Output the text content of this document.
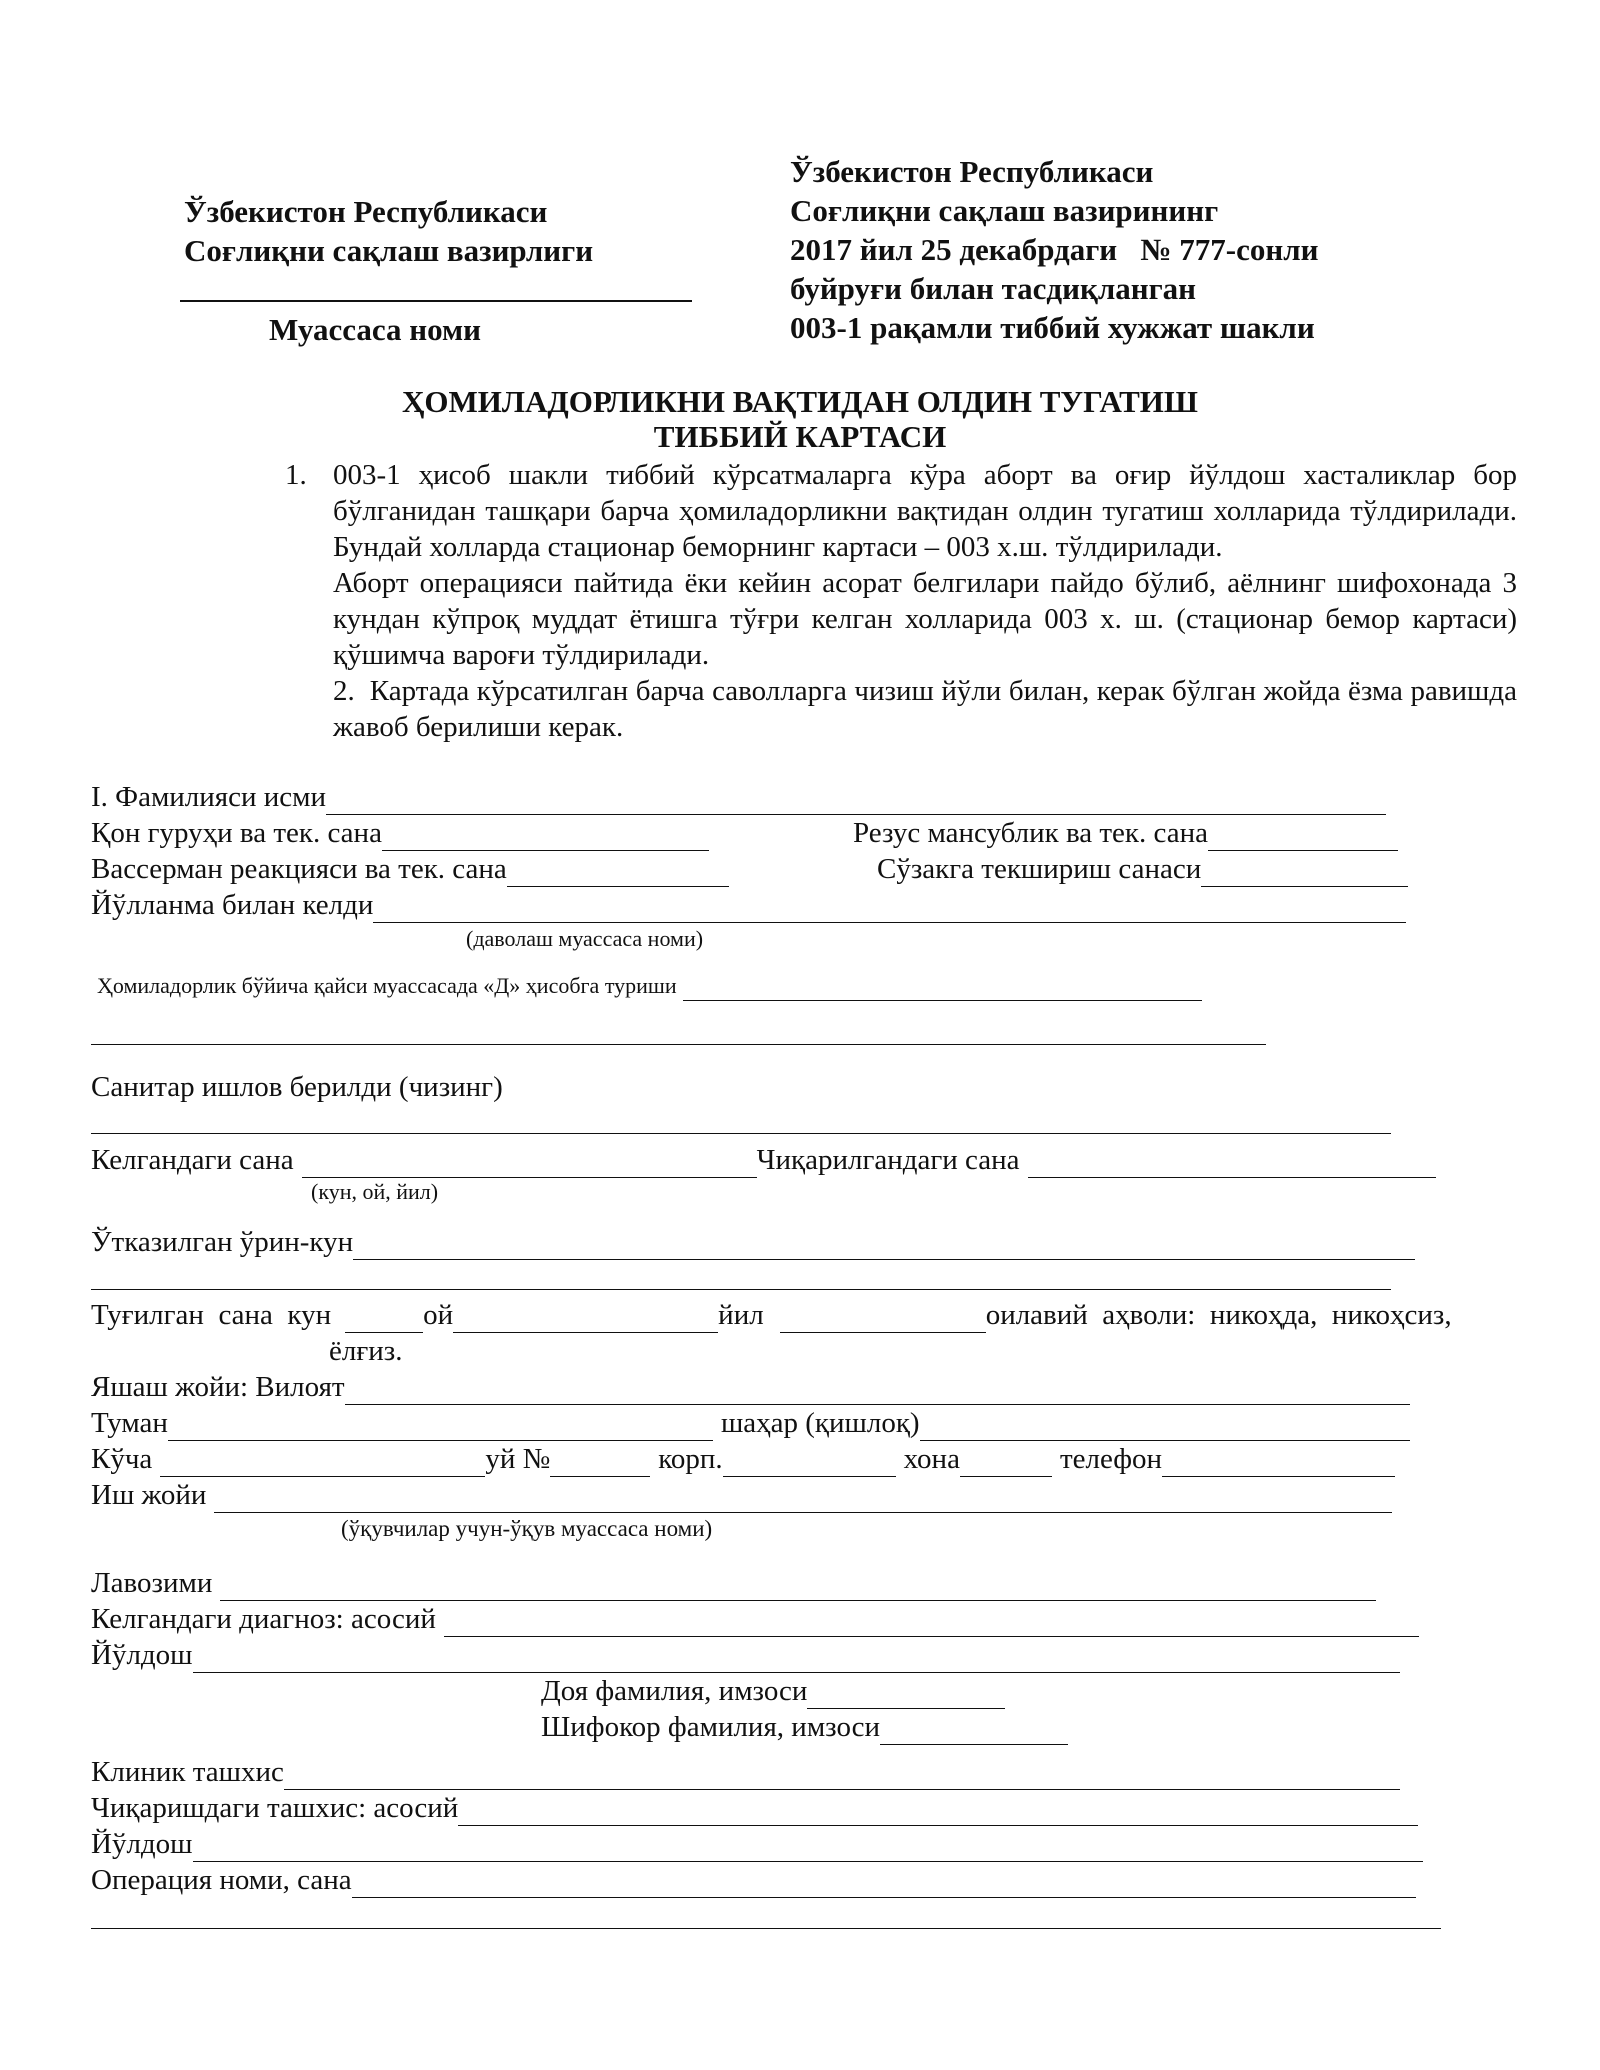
Ўзбекистон Республикаси
Соғлиқни сақлаш вазирлиги
Муассаса номи
Ўзбекистон Республикаси
Соғлиқни сақлаш вазирининг
2017 йил 25 декабрдаги   № 777-сонли
буйруғи билан тасдиқланган
003-1 рақамли тиббий хужжат шакли
ҲОМИЛАДОРЛИКНИ ВАҚТИДАН ОЛДИН ТУГАТИШ
ТИББИЙ КАРТАСИ
1. 003-1 ҳисоб шакли тиббий кўрсатмаларга кўра аборт ва оғир йўлдош хасталиклар бор бўлганидан ташқари барча ҳомиладорликни вақтидан олдин тугатиш холларида тўлдирилади. Бундай холларда стационар беморнинг картаси – 003 х.ш. тўлдирилади.

Аборт операцияси пайтида ёки кейин асорат белгилари пайдо бўлиб, аёлнинг шифохонада 3 кундан кўпроқ муддат ётишга тўғри келган холларида 003 х. ш. (стационар бемор картаси) қўшимча вароғи тўлдирилади.

2.  Картада кўрсатилган барча саволларга чизиш йўли билан, керак бўлган жойда ёзма равишда жавоб берилиши керак.

I. Фамилияси исми
Қон гуруҳи ва тек. сана	Резус мансублик ва тек. сана
Вассерман реакцияси ва тек. сана	Сўзакга текшириш санаси
Йўлланма билан келди
(даволаш муассаса номи)
Ҳомиладорлик бўйича қайси муассасада «Д» ҳисобга туриши
Санитар ишлов берилди (чизинг)
Келгандаги сана	Чиқарилгандаги сана
(кун, ой, йил)
Ўтказилган ўрин-кун
Туғилган  сана  кун	ой	йил	оилавий  аҳволи:  никоҳда,  никоҳсиз,
ёлғиз.
Яшаш жойи: Вилоят
Туман	шаҳар (қишлоқ)
Кўча	уй №	корп.	хона	телефон
Иш жойи
(ўқувчилар учун-ўқув муассаса номи)
Лавозими
Келгандаги диагноз: асосий
Йўлдош
Доя фамилия, имзоси
Шифокор фамилия, имзоси
Клиник ташхис
Чиқаришдаги ташхис: асосий
Йўлдош
Операция номи, сана
